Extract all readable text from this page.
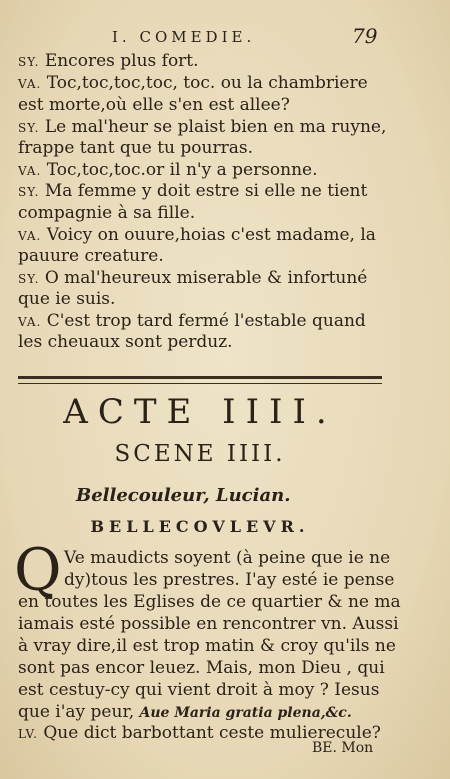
I. COMEDIE.	79
SY. Encores plus fort.
VA. Toc,toc,toc,toc, toc. ou la chambriere
est morte,où elle s'en est allee?
SY. Le mal'heur se plaist bien en ma ruyne,
frappe tant que tu pourras.
VA. Toc,toc,toc.or il n'y a personne.
SY. Ma femme y doit estre si elle ne tient
compagnie à sa fille.
VA. Voicy on ouure,hoias c'est madame, la
pauure creature.
SY. O mal'heureux miserable & infortuné
que ie suis.
VA. C'est trop tard fermé l'estable quand
les cheuaux sont perduz.
ACTE IIII.
SCENE IIII.
Bellecouleur, Lucian.
BELLECOVLEVR.
Q Ve maudicts soyent (à peine que ie ne
dy)tous les prestres. I'ay esté ie pense
en toutes les Eglises de ce quartier & ne ma
iamais esté possible en rencontrer vn. Aussi
à vray dire,il est trop matin & croy qu'ils ne
sont pas encor leuez. Mais, mon Dieu , qui
est cestuy-cy qui vient droit à moy ? Iesus
que i'ay peur, Aue Maria gratia plena,&c.
LV. Que dict barbottant ceste mulierecule?
BE. Mon
